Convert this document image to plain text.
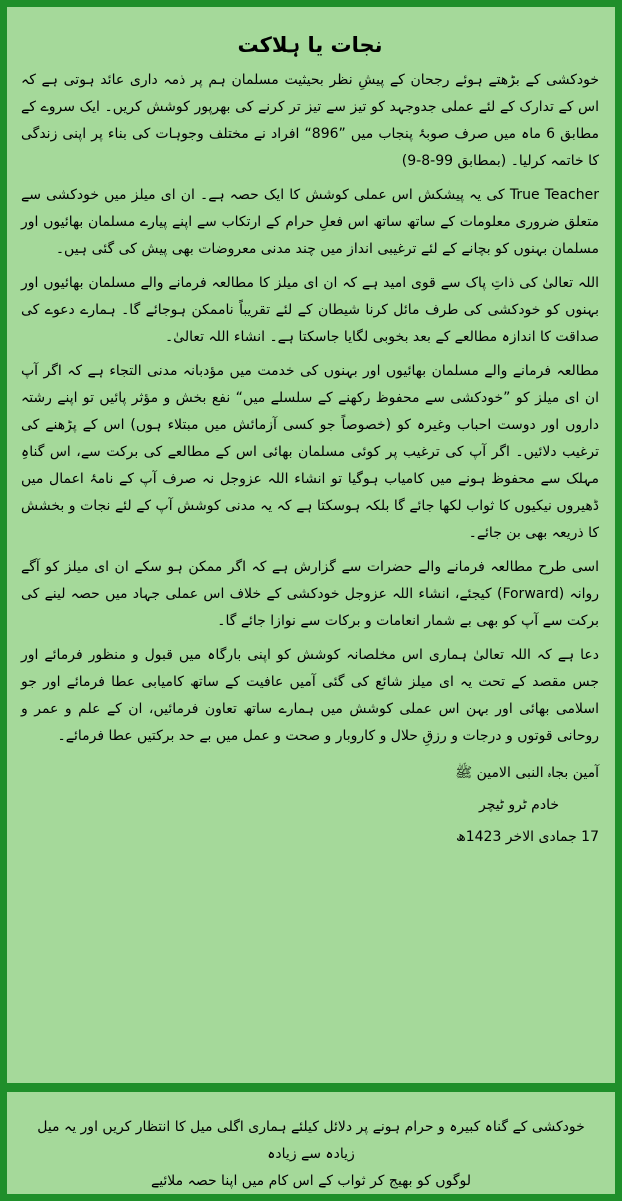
نجات یا ہلاکت

خودکشی کے بڑھتے ہوئے رجحان کے پیشِ نظر بحیثیت مسلمان ہم پر ذمہ داری عائد ہوتی ہے کہ اس کے تدارک کے لئے عملی جدوجہد کو تیز سے تیز تر کرنے کی بھرپور کوشش کریں۔ ایک سروے کے مطابق 6 ماہ میں صرف صوبۂ پنجاب میں ”896“ افراد نے مختلف وجوہات کی بناء پر اپنی زندگی کا خاتمہ کرلیا۔ (بمطابق 99-8-9)

True Teacher کی یہ پیشکش اس عملی کوشش کا ایک حصہ ہے۔ ان ای میلز میں خودکشی سے متعلق ضروری معلومات کے ساتھ ساتھ اس فعلِ حرام کے ارتکاب سے اپنے پیارے مسلمان بھائیوں اور مسلمان بہنوں کو بچانے کے لئے ترغیبی انداز میں چند مدنی معروضات بھی پیش کی گئی ہیں۔

اللہ تعالیٰ کی ذاتِ پاک سے قوی امید ہے کہ ان ای میلز کا مطالعہ فرمانے والے مسلمان بھائیوں اور بہنوں کو خودکشی کی طرف مائل کرنا شیطان کے لئے تقریباً ناممکن ہوجائے گا۔ ہمارے دعوے کی صداقت کا اندازہ مطالعے کے بعد بخوبی لگایا جاسکتا ہے۔ انشاء اللہ تعالیٰ۔

مطالعہ فرمانے والے مسلمان بھائیوں اور بہنوں کی خدمت میں مؤدبانہ مدنی التجاء ہے کہ اگر آپ ان ای میلز کو ”خودکشی سے محفوظ رکھنے کے سلسلے میں“ نفع بخش و مؤثر پائیں تو اپنے رشتہ داروں اور دوست احباب وغیرہ کو (خصوصاً جو کسی آزمائش میں مبتلاء ہوں) اس کے پڑھنے کی ترغیب دلائیں۔ اگر آپ کی ترغیب پر کوئی مسلمان بھائی اس کے مطالعے کی برکت سے، اس گناہِ مہلک سے محفوظ ہونے میں کامیاب ہوگیا تو انشاء اللہ عزوجل نہ صرف آپ کے نامۂ اعمال میں ڈھیروں نیکیوں کا ثواب لکھا جائے گا بلکہ ہوسکتا ہے کہ یہ مدنی کوشش آپ کے لئے نجات و بخشش کا ذریعہ بھی بن جائے۔

اسی طرح مطالعہ فرمانے والے حضرات سے گزارش ہے کہ اگر ممکن ہو سکے ان ای میلز کو آگے روانہ (Forward) کیجئے، انشاء اللہ عزوجل خودکشی کے خلاف اس عملی جہاد میں حصہ لینے کی برکت سے آپ کو بھی بے شمار انعامات و برکات سے نوازا جائے گا۔

دعا ہے کہ اللہ تعالیٰ ہماری اس مخلصانہ کوشش کو اپنی بارگاہ میں قبول و منظور فرمائے اور جس مقصد کے تحت یہ ای میلز شائع کی گئی آمیں عافیت کے ساتھ کامیابی عطا فرمائے اور جو اسلامی بھائی اور بہن اس عملی کوشش میں ہمارے ساتھ تعاون فرمائیں، ان کے علم و عمر و روحانی قوتوں و درجات و رزقِ حلال و کاروبار و صحت و عمل میں بے حد برکتیں عطا فرمائے۔

آمین بجاہ النبی الامین ﷺ
خادم ٹرو ٹیچر
17 جمادی الاخر 1423ھ

خودکشی کے گناہ کبیرہ و حرام ہونے پر دلائل کیلئے ہماری اگلی میل کا انتظار کریں اور یہ میل زیادہ سے زیادہ

لوگوں کو بھیج کر ثواب کے اس کام میں اپنا حصہ ملائیے
